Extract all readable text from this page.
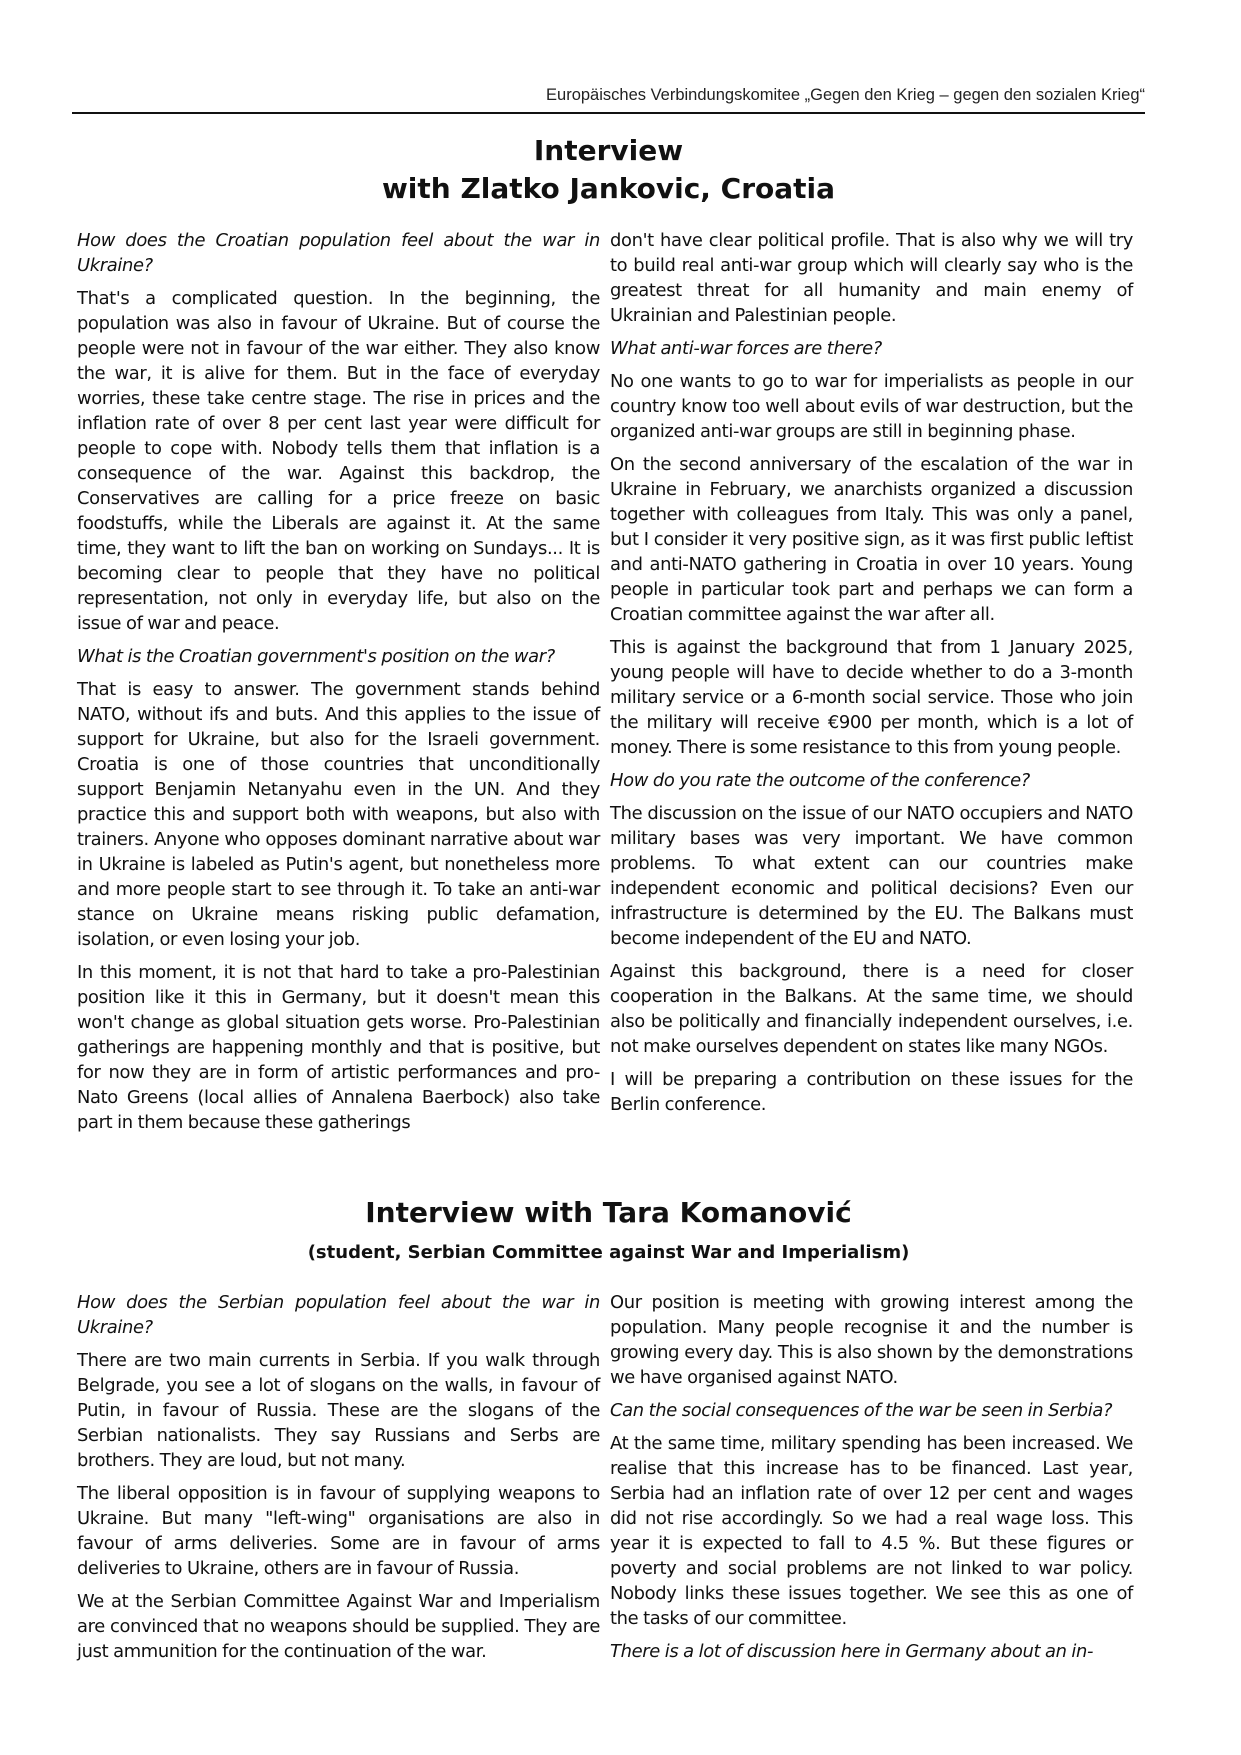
Europäisches Verbindungskomitee „Gegen den Krieg – gegen den sozialen Krieg“
Interview
with Zlatko Jankovic, Croatia

How does the Croatian population feel about the war in Ukraine?

That's a complicated question. In the beginning, the population was also in favour of Ukraine. But of course the people were not in favour of the war either. They also know the war, it is alive for them. But in the face of everyday worries, these take centre stage. The rise in prices and the inflation rate of over 8 per cent last year were difficult for people to cope with. Nobody tells them that inflation is a consequence of the war. Against this backdrop, the Conservatives are calling for a price freeze on basic foodstuffs, while the Liberals are against it. At the same time, they want to lift the ban on working on Sundays... It is becoming clear to people that they have no political representation, not only in everyday life, but also on the issue of war and peace.

What is the Croatian government's position on the war?

That is easy to answer. The government stands behind NATO, without ifs and buts. And this applies to the issue of support for Ukraine, but also for the Israeli government. Croatia is one of those countries that unconditionally support Benjamin Netanyahu even in the UN. And they practice this and support both with weapons, but also with trainers. Anyone who opposes dominant narrative about war in Ukraine is labeled as Putin's agent, but nonetheless more and more people start to see through it. To take an anti-war stance on Ukraine means risking public defamation, isolation, or even losing your job.

In this moment, it is not that hard to take a pro-Palestinian position like it this in Germany, but it doesn't mean this won't change as global situation gets worse. Pro-Palestinian gatherings are happening monthly and that is positive, but for now they are in form of artistic performances and pro-Nato Greens (local allies of Annalena Baerbock) also take part in them because these gatherings

don't have clear political profile. That is also why we will try to build real anti-war group which will clearly say who is the greatest threat for all humanity and main enemy of Ukrainian and Palestinian people.

What anti-war forces are there?

No one wants to go to war for imperialists as people in our country know too well about evils of war destruction, but the organized anti-war groups are still in beginning phase.

On the second anniversary of the escalation of the war in Ukraine in February, we anarchists organized a discussion together with colleagues from Italy. This was only a panel, but I consider it very positive sign, as it was first public leftist and anti-NATO gathering in Croatia in over 10 years. Young people in particular took part and perhaps we can form a Croatian committee against the war after all.

This is against the background that from 1 January 2025, young people will have to decide whether to do a 3-month military service or a 6-month social service. Those who join the military will receive €900 per month, which is a lot of money. There is some resistance to this from young people.

How do you rate the outcome of the conference?

The discussion on the issue of our NATO occupiers and NATO military bases was very important. We have common problems. To what extent can our countries make independent economic and political decisions? Even our infrastructure is determined by the EU. The Balkans must become independent of the EU and NATO.

Against this background, there is a need for closer cooperation in the Balkans. At the same time, we should also be politically and financially independent ourselves, i.e. not make ourselves dependent on states like many NGOs.

I will be preparing a contribution on these issues for the Berlin conference.

Interview with Tara Komanović
(student, Serbian Committee against War and Imperialism)

How does the Serbian population feel about the war in Ukraine?

There are two main currents in Serbia. If you walk through Belgrade, you see a lot of slogans on the walls, in favour of Putin, in favour of Russia. These are the slogans of the Serbian nationalists. They say Russians and Serbs are brothers. They are loud, but not many.

The liberal opposition is in favour of supplying weapons to Ukraine. But many "left-wing" organisations are also in favour of arms deliveries. Some are in favour of arms deliveries to Ukraine, others are in favour of Russia.

We at the Serbian Committee Against War and Imperialism are convinced that no weapons should be supplied. They are just ammunition for the continuation of the war.

Our position is meeting with growing interest among the population. Many people recognise it and the number is growing every day. This is also shown by the demonstrations we have organised against NATO.

Can the social consequences of the war be seen in Serbia?

At the same time, military spending has been increased. We realise that this increase has to be financed. Last year, Serbia had an inflation rate of over 12 per cent and wages did not rise accordingly. So we had a real wage loss. This year it is expected to fall to 4.5 %. But these figures or poverty and social problems are not linked to war policy. Nobody links these issues together. We see this as one of the tasks of our committee.

There is a lot of discussion here in Germany about an in-
